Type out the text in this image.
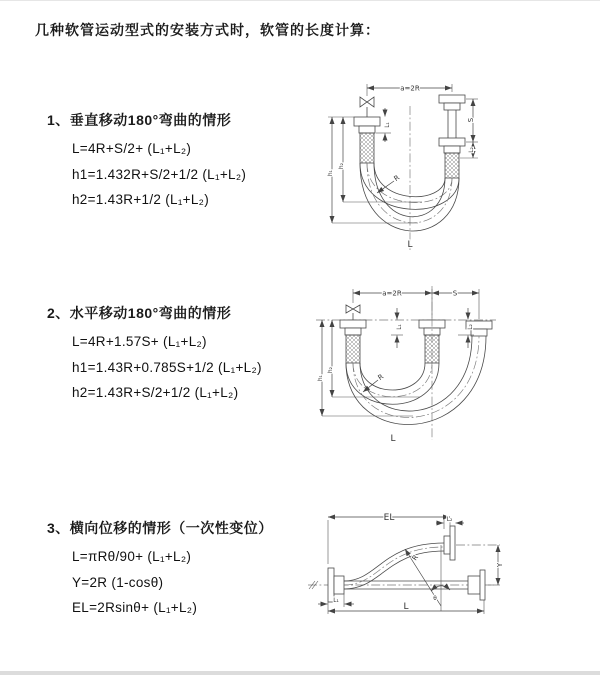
几种软管运动型式的安装方式时，软管的长度计算：
1、垂直移动180°弯曲的情形
L=4R+S/2+ (L₁+L₂)
h1=1.432R+S/2+1/2 (L₁+L₂)
h2=1.43R+1/2 (L₁+L₂)
2、水平移动180°弯曲的情形
L=4R+1.57S+ (L₁+L₂)
h1=1.43R+0.785S+1/2 (L₁+L₂)
h2=1.43R+S/2+1/2 (L₁+L₂)
3、横向位移的情形（一次性变位）
L=πRθ/90+ (L₁+L₂)
Y=2R (1-cosθ)
EL=2Rsinθ+ (L₁+L₂)
a=2R
L₁
S
L₂
h₁
h₂
R
L
a=2R	S
L₁	L₂
h₁
h₂
R
L
EL	L₂
Y
θ
R
L₁
L
